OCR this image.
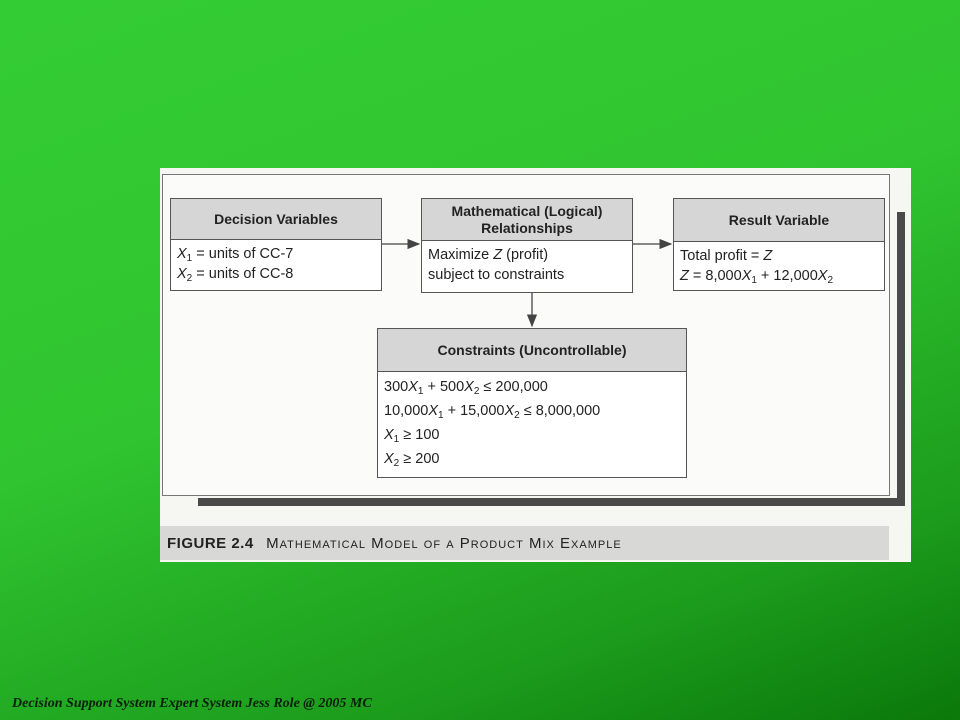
Decision Variables
$X_1$ = units of CC-7
$X_2$ = units of CC-8
Mathematical (Logical)
Relationships
Maximize Z (profit)
subject to constraints
Result Variable
Total profit = Z
$Z = 8,000X_1 + 12,000X_2$
Constraints (Uncontrollable)
$300X_1 + 500X_2 \le 200,000$
$10,000X_1 + 15,000X_2 \le 8,000,000$
$X_1 \ge 100$
$X_2 \ge 200$
FIGURE 2.4 Mathematical Model of a Product Mix Example
Decision Support System Expert System Jess Role @ 2005 MC
